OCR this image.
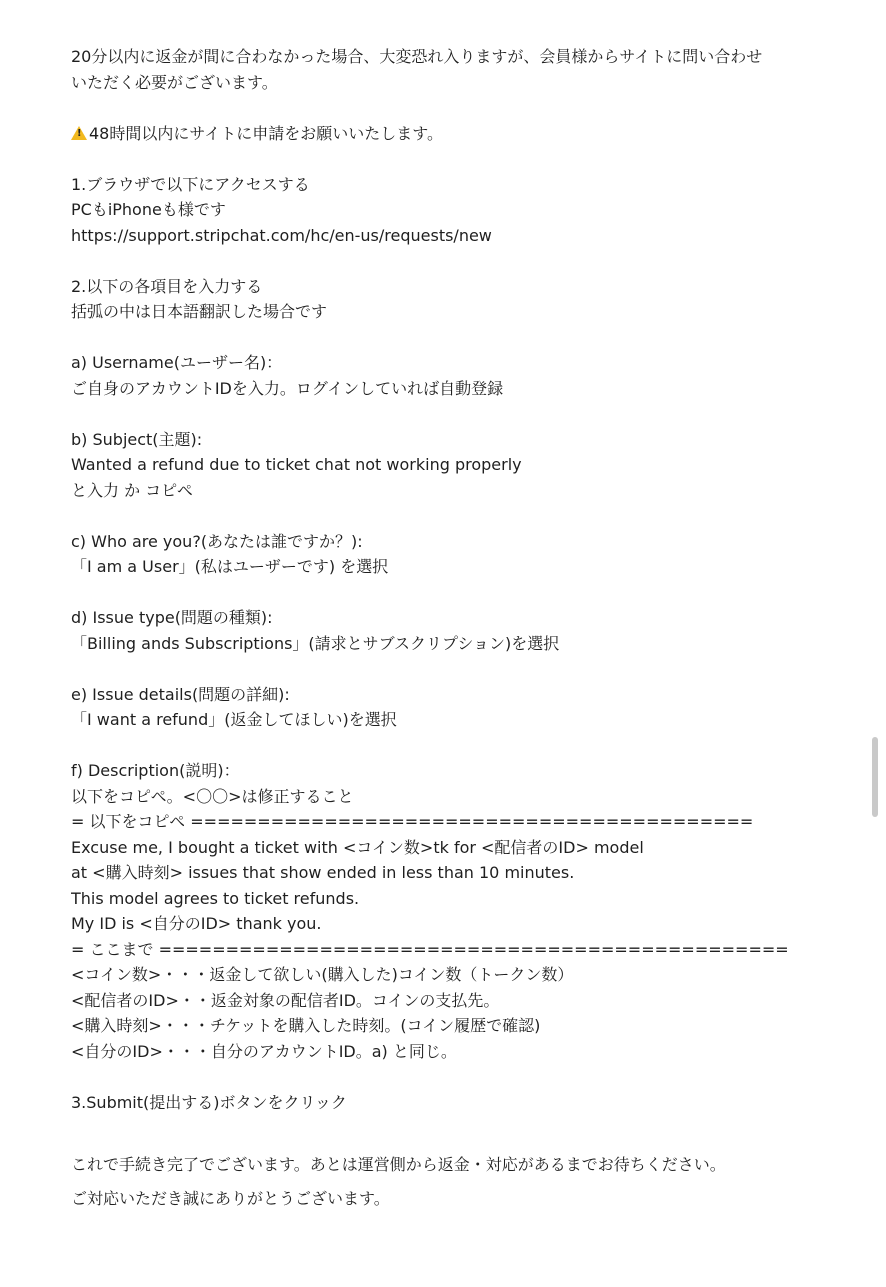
20分以内に返金が間に合わなかった場合、大変恐れ入りますが、会員様からサイトに問い合わせ
いただく必要がございます。
!48時間以内にサイトに申請をお願いいたします。
1.ブラウザで以下にアクセスする
PCもiPhoneも様です
https://support.stripchat.com/hc/en-us/requests/new
2.以下の各項目を入力する
括弧の中は日本語翻訳した場合です
a) Username(ユーザー名)：
ご自身のアカウントIDを入力。ログインしていれば自動登録
b) Subject(主題):
Wanted a refund due to ticket chat not working properly
と入力 か コピペ
c) Who are you?(あなたは誰ですか？):
「I am a User」(私はユーザーです) を選択
d) Issue type(問題の種類):
「Billing ands Subscriptions」(請求とサブスクリプション)を選択
e) Issue details(問題の詳細):
「I want a refund」(返金してほしい)を選択
f) Description(説明)：
以下をコピペ。<〇〇>は修正すること
= 以下をコピペ ==========================================
Excuse me, I bought a ticket with <コイン数>tk for <配信者のID> model
at <購入時刻> issues that show ended in less than 10 minutes.
This model agrees to ticket refunds.
My ID is <自分のID> thank you.
= ここまで ===============================================
<コイン数>・・・返金して欲しい(購入した)コイン数（トークン数）
<配信者のID>・・返金対象の配信者ID。コインの支払先。
<購入時刻>・・・チケットを購入した時刻。(コイン履歴で確認)
<自分のID>・・・自分のアカウントID。a) と同じ。
3.Submit(提出する)ボタンをクリック
これで手続き完了でございます。あとは運営側から返金・対応があるまでお待ちください。
ご対応いただき誠にありがとうございます。
